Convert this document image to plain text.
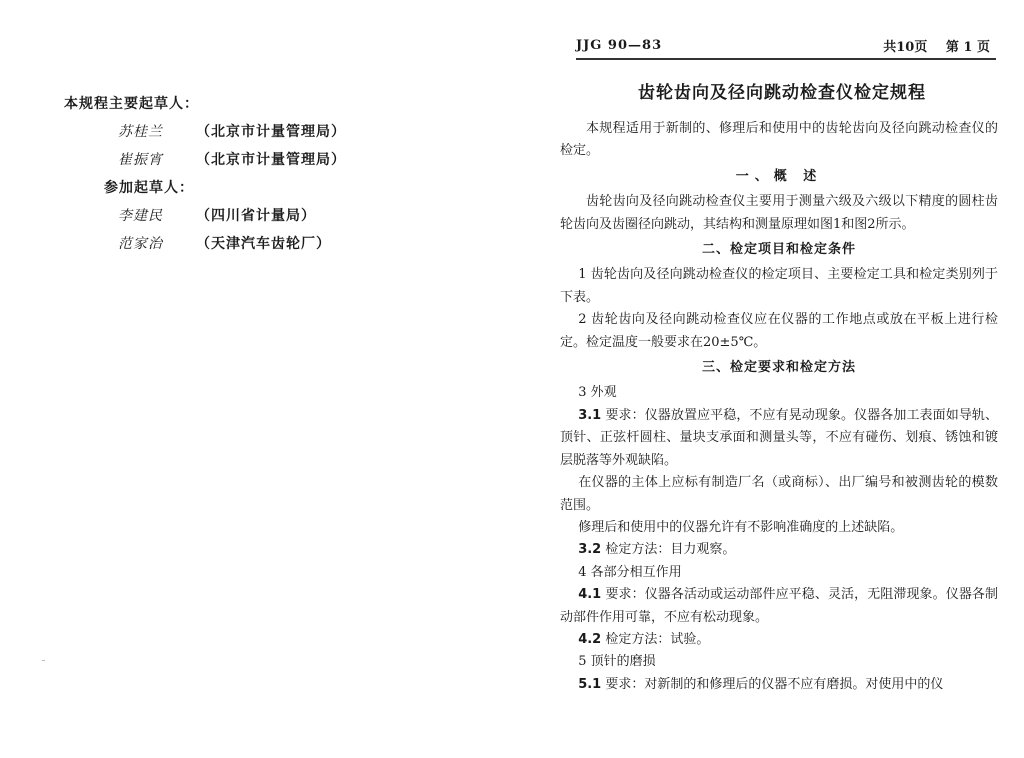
本规程主要起草人：
苏桂兰	（北京市计量管理局）
崔振宵	（北京市计量管理局）
参加起草人：
李建民	（四川省计量局）
范家治	（天津汽车齿轮厂）
JJG 90—83	共10页 第 1 页
齿轮齿向及径向跳动检查仪检定规程

本规程适用于新制的、修理后和使用中的齿轮齿向及径向跳动检查仪的检定。

一、概 述

齿轮齿向及径向跳动检查仪主要用于测量六级及六级以下精度的圆柱齿轮齿向及齿圈径向跳动，其结构和测量原理如图1和图2所示。

二、检定项目和检定条件

1 齿轮齿向及径向跳动检查仪的检定项目、主要检定工具和检定类别列于下表。

2 齿轮齿向及径向跳动检查仪应在仪器的工作地点或放在平板上进行检定。检定温度一般要求在20±5℃。

三、检定要求和检定方法

3 外观

3.1 要求：仪器放置应平稳，不应有晃动现象。仪器各加工表面如导轨、顶针、正弦杆圆柱、量块支承面和测量头等，不应有碰伤、划痕、锈蚀和镀层脱落等外观缺陷。

在仪器的主体上应标有制造厂名（或商标）、出厂编号和被测齿轮的模数范围。

修理后和使用中的仪器允许有不影响准确度的上述缺陷。

3.2 检定方法：目力观察。

4 各部分相互作用

4.1 要求：仪器各活动或运动部件应平稳、灵活，无阻滞现象。仪器各制动部件作用可靠，不应有松动现象。

4.2 检定方法：试验。

5 顶针的磨损

5.1 要求：对新制的和修理后的仪器不应有磨损。对使用中的仪
